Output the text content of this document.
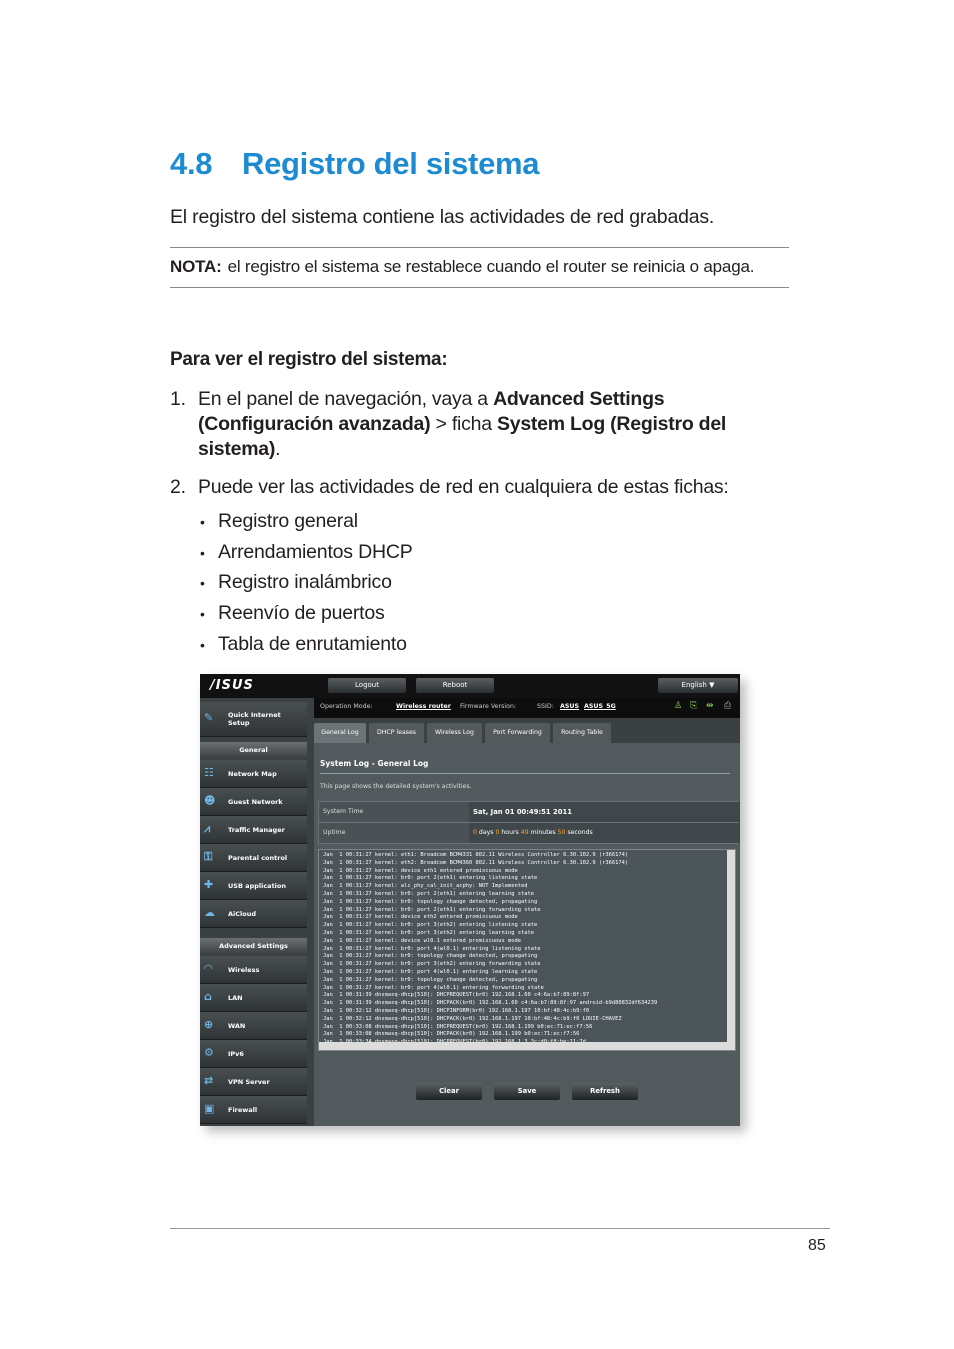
4.8 Registro del sistema
El registro del sistema contiene las actividades de red grabadas.
NOTA: el registro el sistema se restablece cuando el router se reinicia o apaga.
Para ver el registro del sistema:
1. En el panel de navegación, vaya a Advanced Settings (Configuración avanzada) > ficha System Log (Registro del sistema).
2. Puede ver las actividades de red en cualquiera de estas fichas:
• Registro general
• Arrendamientos DHCP
• Registro inalámbrico
• Reenvío de puertos
• Tabla de enrutamiento
/ISUS	Logout	Reboot	English ▼
Operation Mode:	Wireless router Firmware Version:	SSID: ASUS ASUS_5G	♙ ⎘ ⇹ ⎙
✎ Quick Internet Setup
General
☷ Network Map
☻ Guest Network
⩘	Traffic Manager
⚿ Parental control
✚ USB application
☁ AiCloud
Advanced Settings
◠ Wireless
⌂ LAN
⊕ WAN
⚙ IPv6
⇄ VPN Server
▣ Firewall
General Log	DHCP leases	Wireless Log	Port Forwarding	Routing Table
System Log - General Log
This page shows the detailed system's activities.
System Time	Sat, Jan 01 00:49:51 2011
Uptime	0 days 0 hours 49 minutes 50 seconds
Jan  1 00:31:27 kernel: eth1: Broadcom BCM4331 802.11 Wireless Controller 6.30.102.9 (r366174)
Jan  1 00:31:27 kernel: eth2: Broadcom BCM4360 802.11 Wireless Controller 6.30.102.9 (r366174)
Jan  1 00:31:27 kernel: device eth1 entered promiscuous mode
Jan  1 00:31:27 kernel: br0: port 2(eth1) entering listening state
Jan  1 00:31:27 kernel: wlc_phy_cal_init_acphy: NOT Implemented
Jan  1 00:31:27 kernel: br0: port 2(eth1) entering learning state
Jan  1 00:31:27 kernel: br0: topology change detected, propagating
Jan  1 00:31:27 kernel: br0: port 2(eth1) entering forwarding state
Jan  1 00:31:27 kernel: device eth2 entered promiscuous mode
Jan  1 00:31:27 kernel: br0: port 3(eth2) entering listening state
Jan  1 00:31:27 kernel: br0: port 3(eth2) entering learning state
Jan  1 00:31:27 kernel: device wl0.1 entered promiscuous mode
Jan  1 00:31:27 kernel: br0: port 4(wl0.1) entering listening state
Jan  1 00:31:27 kernel: br0: topology change detected, propagating
Jan  1 00:31:27 kernel: br0: port 3(eth2) entering forwarding state
Jan  1 00:31:27 kernel: br0: port 4(wl0.1) entering learning state
Jan  1 00:31:27 kernel: br0: topology change detected, propagating
Jan  1 00:31:27 kernel: br0: port 4(wl0.1) entering forwarding state
Jan  1 00:31:39 dnsmasq-dhcp[510]: DHCPREQUEST(br0) 192.168.1.60 c4:6a:b7:89:8f:97
Jan  1 00:31:39 dnsmasq-dhcp[510]: DHCPACK(br0) 192.168.1.60 c4:6a:b7:89:8f:97 android-b9d80832df634239
Jan  1 00:32:12 dnsmasq-dhcp[510]: DHCPINFORM(br0) 192.168.1.197 10:bf:48:4c:b9:f0
Jan  1 00:32:12 dnsmasq-dhcp[510]: DHCPACK(br0) 192.168.1.197 10:bf:48:4c:b9:f0 LOUIE-CHAVEZ
Jan  1 00:33:08 dnsmasq-dhcp[510]: DHCPREQUEST(br0) 192.168.1.199 b0:ec:71:ec:f7:56
Jan  1 00:33:08 dnsmasq-dhcp[510]: DHCPACK(br0) 192.168.1.199 b0:ec:71:ec:f7:56

Clear	Save	Refresh
85
